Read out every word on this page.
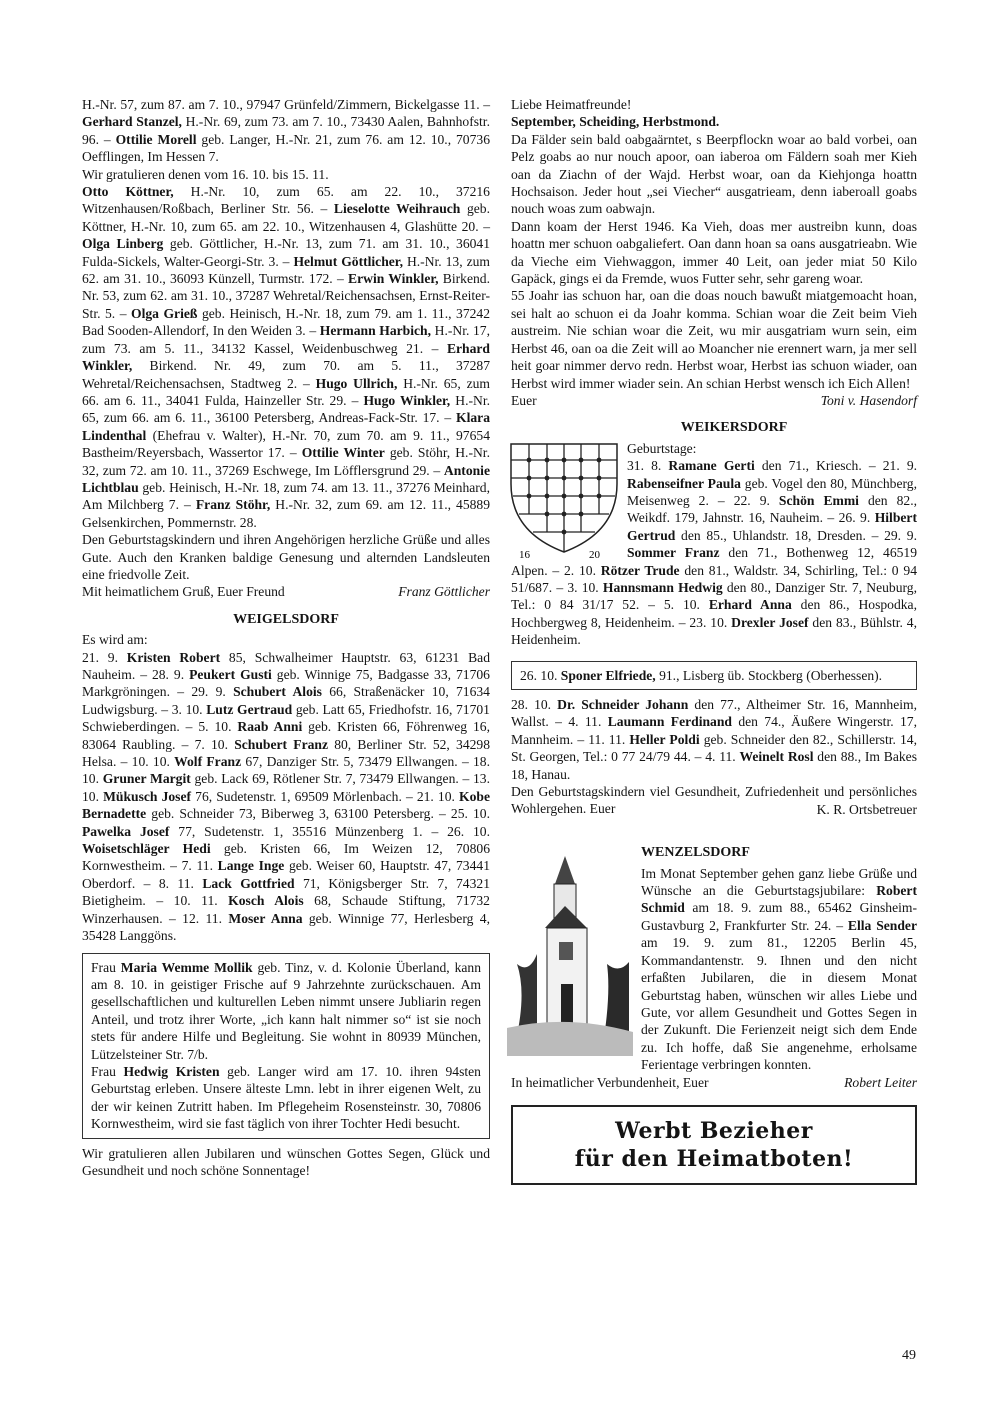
H.-Nr. 57, zum 87. am 7. 10., 97947 Grünfeld/Zimmern, Bickelgasse 11. – Gerhard Stanzel, H.-Nr. 69, zum 73. am 7. 10., 73430 Aalen, Bahnhofstr. 96. – Ottilie Morell geb. Langer, H.-Nr. 21, zum 76. am 12. 10., 70736 Oefflingen, Im Hessen 7.

Wir gratulieren denen vom 16. 10. bis 15. 11.

Otto Köttner, H.-Nr. 10, zum 65. am 22. 10., 37216 Witzenhausen/Roßbach, Berliner Str. 56. – Lieselotte Weihrauch geb. Köttner, H.-Nr. 10, zum 65. am 22. 10., Witzenhausen 4, Glashütte 20. – Olga Linberg geb. Göttlicher, H.-Nr. 13, zum 71. am 31. 10., 36041 Fulda-Sickels, Walter-Georgi-Str. 3. – Helmut Göttlicher, H.-Nr. 13, zum 62. am 31. 10., 36093 Künzell, Turmstr. 172. – Erwin Winkler, Birkend. Nr. 53, zum 62. am 31. 10., 37287 Wehretal/Reichensachsen, Ernst-Reiter-Str. 5. – Olga Grieß geb. Heinisch, H.-Nr. 18, zum 79. am 1. 11., 37242 Bad Sooden-Allendorf, In den Weiden 3. – Hermann Harbich, H.-Nr. 17, zum 73. am 5. 11., 34132 Kassel, Weidenbuschweg 21. – Erhard Winkler, Birkend. Nr. 49, zum 70. am 5. 11., 37287 Wehretal/Reichensachsen, Stadtweg 2. – Hugo Ullrich, H.-Nr. 65, zum 66. am 6. 11., 34041 Fulda, Hainzeller Str. 29. – Hugo Winkler, H.-Nr. 65, zum 66. am 6. 11., 36100 Petersberg, Andreas-Fack-Str. 17. – Klara Lindenthal (Ehefrau v. Walter), H.-Nr. 70, zum 70. am 9. 11., 97654 Bastheim/Reyersbach, Wassertor 17. – Ottilie Winter geb. Stöhr, H.-Nr. 32, zum 72. am 10. 11., 37269 Eschwege, Im Löfflersgrund 29. – Antonie Lichtblau geb. Heinisch, H.-Nr. 18, zum 74. am 13. 11., 37276 Meinhard, Am Milchberg 7. – Franz Stöhr, H.-Nr. 32, zum 69. am 12. 11., 45889 Gelsenkirchen, Pommernstr. 28.

Den Geburtstagskindern und ihren Angehörigen herzliche Grüße und alles Gute. Auch den Kranken baldige Genesung und alternden Landsleuten eine friedvolle Zeit.

Mit heimatlichem Gruß, Euer Freund	Franz Göttlicher
WEIGELSDORF

Es wird am:

21. 9. Kristen Robert 85, Schwalheimer Hauptstr. 63, 61231 Bad Nauheim. – 28. 9. Peukert Gusti geb. Winnige 75, Badgasse 33, 71706 Markgröningen. – 29. 9. Schubert Alois 66, Straßenäcker 10, 71634 Ludwigsburg. – 3. 10. Lutz Gertraud geb. Latt 65, Friedhofstr. 16, 71701 Schwieberdingen. – 5. 10. Raab Anni geb. Kristen 66, Föhrenweg 16, 83064 Raubling. – 7. 10. Schubert Franz 80, Berliner Str. 52, 34298 Helsa. – 10. 10. Wolf Franz 67, Danziger Str. 5, 73479 Ellwangen. – 18. 10. Gruner Margit geb. Lack 69, Rötlener Str. 7, 73479 Ellwangen. – 13. 10. Mükusch Josef 76, Sudetenstr. 1, 69509 Mörlenbach. – 21. 10. Kobe Bernadette geb. Schneider 73, Biberweg 3, 63100 Petersberg. – 25. 10. Pawelka Josef 77, Sudetenstr. 1, 35516 Münzenberg 1. – 26. 10. Woisetschläger Hedi geb. Kristen 66, Im Weizen 12, 70806 Kornwestheim. – 7. 11. Lange Inge geb. Weiser 60, Hauptstr. 47, 73441 Oberdorf. – 8. 11. Lack Gottfried 71, Königsberger Str. 7, 74321 Bietigheim. – 10. 11. Kosch Alois 68, Schaude Stiftung, 71732 Winzerhausen. – 12. 11. Moser Anna geb. Winnige 77, Herlesberg 4, 35428 Langgöns.

Frau Maria Wemme Mollik geb. Tinz, v. d. Kolonie Überland, kann am 8. 10. in geistiger Frische auf 9 Jahrzehnte zurückschauen. Am gesellschaftlichen und kulturellen Leben nimmt unsere Jubliarin regen Anteil, und trotz ihrer Worte, „ich kann halt nimmer so“ ist sie noch stets für andere Hilfe und Begleitung. Sie wohnt in 80939 München, Lützelsteiner Str. 7/b.

Frau Hedwig Kristen geb. Langer wird am 17. 10. ihren 94sten Geburtstag erleben. Unsere älteste Lmn. lebt in ihrer eigenen Welt, zu der wir keinen Zutritt haben. Im Pflegeheim Rosensteinstr. 30, 70806 Kornwestheim, wird sie fast täglich von ihrer Tochter Hedi besucht.

Wir gratulieren allen Jubilaren und wünschen Gottes Segen, Glück und Gesundheit und noch schöne Sonnentage!

Liebe Heimatfreunde!

September, Scheiding, Herbstmond.

Da Fälder sein bald oabgaärntet, s Beerpflockn woar ao bald vorbei, oan Pelz goabs ao nur nouch apoor, oan iaberoa om Fäldern soah mer Kieh oan da Ziachn of der Wajd. Herbst woar, oan da Kiehjonga hoattn Hochsaison. Jeder hout „sei Viecher“ ausgatrieam, denn iaberoall goabs nouch woas zum oabwajn.

Dann koam der Herst 1946. Ka Vieh, doas mer austreibn kunn, doas hoattn mer schuon oabgaliefert. Oan dann hoan sa oans ausgatrieabn. Wie da Vieche eim Viehwaggon, immer 40 Leit, oan jeder miat 50 Kilo Gapäck, gings ei da Fremde, wuos Futter sehr, sehr gareng woar.

55 Joahr ias schuon har, oan die doas nouch bawußt miatgemoacht hoan, sei halt ao schuon ei da Joahr komma. Schian woar die Zeit beim Vieh austreim. Nie schian woar die Zeit, wu mir ausgatriam wurn sein, eim Herbst 46, oan oa die Zeit will ao Moancher nie erennert warn, ja mer sell heit goar nimmer dervo redn. Herbst woar, Herbst ias schuon wiader, oan Herbst wird immer wiader sein. An schian Herbst wensch ich Eich Allen!

Euer	Toni v. Hasendorf
WEIKERSDORF
16	20

Geburtstage:

31. 8. Ramane Gerti den 71., Kriesch. – 21. 9. Rabenseifner Paula geb. Vogel den 80, Münchberg, Meisenweg 2. – 22. 9. Schön Emmi den 82., Weikdf. 179, Jahnstr. 16, Nauheim. – 26. 9. Hilbert Gertrud den 85., Uhlandstr. 18, Dresden. – 29. 9. Sommer Franz den 71., Bothenweg 12, 46519 Alpen. – 2. 10. Rötzer Trude den 81., Waldstr. 34, Schirling, Tel.: 0 94 51/687. – 3. 10. Hannsmann Hedwig den 80., Danziger Str. 7, Neuburg, Tel.: 0 84 31/17 52. – 5. 10. Erhard Anna den 86., Hospodka, Hochbergweg 8, Heidenheim. – 23. 10. Drexler Josef den 83., Bühlstr. 4, Heidenheim.

26. 10. Sponer Elfriede, 91., Lisberg üb. Stockberg (Oberhessen).

28. 10. Dr. Schneider Johann den 77., Altheimer Str. 16, Mannheim, Wallst. – 4. 11. Laumann Ferdinand den 74., Äußere Wingerstr. 17, Mannheim. – 11. 11. Heller Poldi geb. Schneider den 82., Schillerstr. 14, St. Georgen, Tel.: 0 77 24/79 44. – 4. 11. Weinelt Rosl den 88., Im Bakes 18, Hanau.

Den Geburtstagskindern viel Gesundheit, Zufriedenheit und persönliches Wohlergehen. Euer	K. R. Ortsbetreuer
WENZELSDORF

Im Monat September gehen ganz liebe Grüße und Wünsche an die Geburtstagsjubilare: Robert Schmid am 18. 9. zum 88., 65462 Ginsheim-Gustavburg 2, Frankfurter Str. 24. – Ella Sender am 19. 9. zum 81., 12205 Berlin 45, Kommandantenstr. 9. Ihnen und den nicht erfaßten Jubilaren, die in diesem Monat Geburtstag haben, wünschen wir alles Liebe und Gute, vor allem Gesundheit und Gottes Segen in der Zukunft. Die Ferienzeit neigt sich dem Ende zu. Ich hoffe, daß Sie angenehme, erholsame Ferientage verbringen konnten.

In heimatlicher Verbundenheit, Euer	Robert Leiter
Werbt Bezieher
für den Heimatboten!
49
